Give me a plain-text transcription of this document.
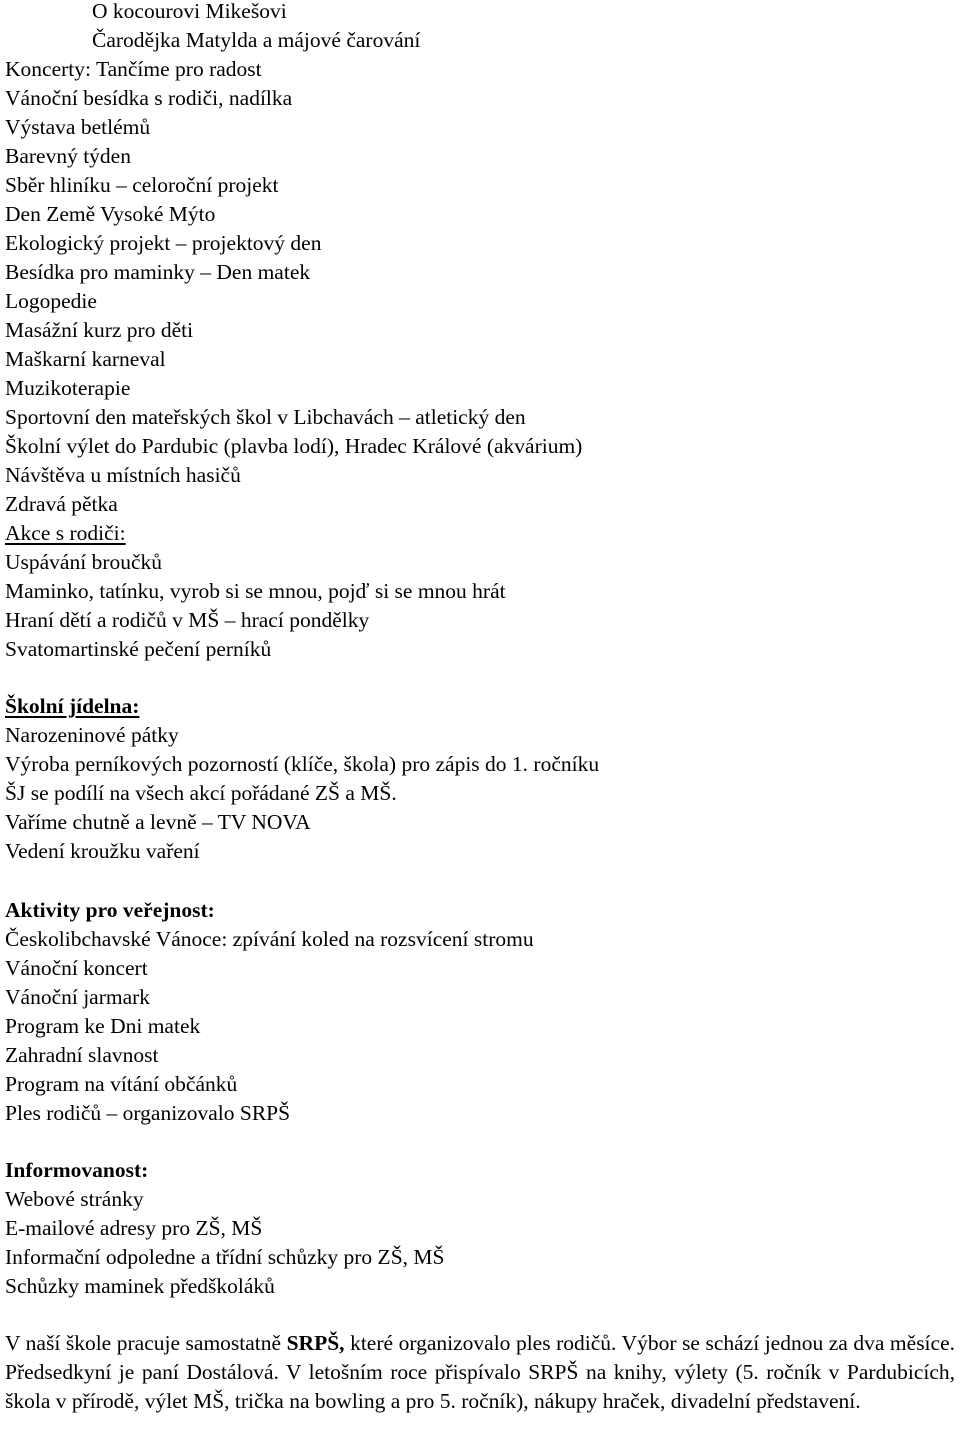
O kocourovi Mikešovi
Čarodějka Matylda a májové čarování
Koncerty: Tančíme pro radost
Vánoční besídka s rodiči, nadílka
Výstava betlémů
Barevný týden
Sběr hliníku – celoroční projekt
Den Země Vysoké Mýto
Ekologický projekt – projektový den
Besídka pro maminky – Den matek
Logopedie
Masážní kurz pro děti
Maškarní karneval
Muzikoterapie
Sportovní den mateřských škol v Libchavách – atletický den
Školní výlet do Pardubic (plavba lodí), Hradec Králové (akvárium)
Návštěva u místních hasičů
Zdravá pětka
Akce s rodiči:
Uspávání broučků
Maminko, tatínku, vyrob si se mnou, pojď si se mnou hrát
Hraní dětí a rodičů v MŠ – hrací pondělky
Svatomartinské pečení perníků
Školní jídelna:
Narozeninové pátky
Výroba perníkových pozorností (klíče, škola) pro zápis do 1. ročníku
ŠJ se podílí na všech akcí pořádané ZŠ a MŠ.
Vaříme chutně a levně – TV NOVA
Vedení kroužku vaření
Aktivity pro veřejnost:
Českolibchavské Vánoce: zpívání koled na rozsvícení stromu
Vánoční koncert
Vánoční jarmark
Program ke Dni matek
Zahradní slavnost
Program na vítání občánků
Ples rodičů – organizovalo SRPŠ
Informovanost:
Webové stránky
E-mailové adresy pro ZŠ, MŠ
Informační odpoledne a třídní schůzky pro ZŠ, MŠ
Schůzky maminek předškoláků
V naší škole pracuje samostatně SRPŠ, které organizovalo ples rodičů. Výbor se schází jednou za dva měsíce. Předsedkyní je paní Dostálová. V letošním roce přispívalo SRPŠ na knihy, výlety (5. ročník v Pardubicích, škola v přírodě, výlet MŠ, trička na bowling a pro 5. ročník), nákupy hraček, divadelní představení.
